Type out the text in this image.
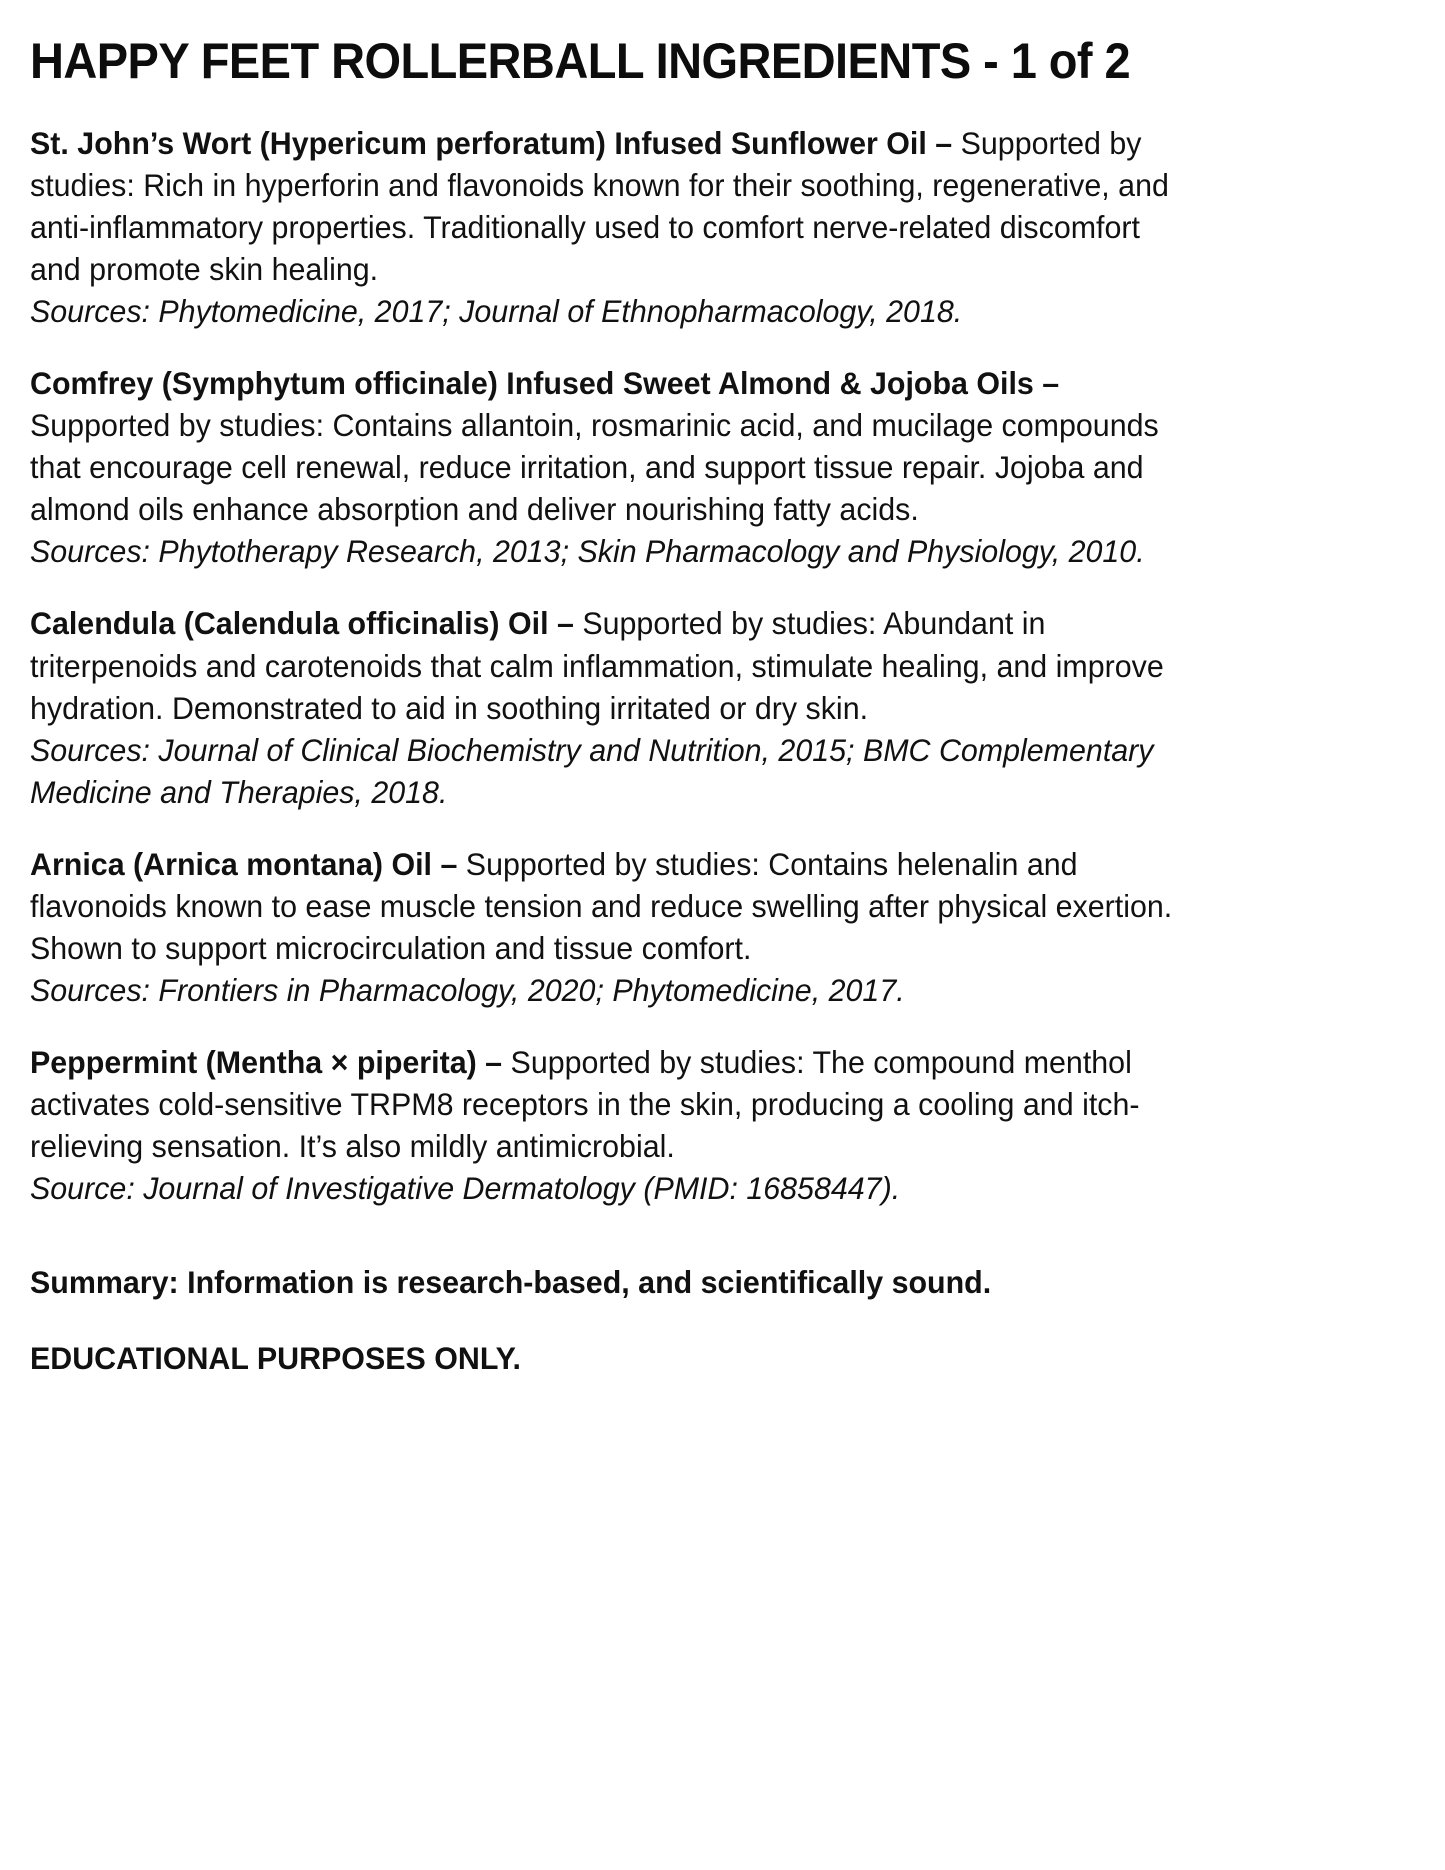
HAPPY FEET ROLLERBALL INGREDIENTS - 1 of 2
St. John’s Wort (Hypericum perforatum) Infused Sunflower Oil – Supported by studies: Rich in hyperforin and flavonoids known for their soothing, regenerative, and anti-inflammatory properties. Traditionally used to comfort nerve-related discomfort and promote skin healing.
Sources: Phytomedicine, 2017; Journal of Ethnopharmacology, 2018.
Comfrey (Symphytum officinale) Infused Sweet Almond & Jojoba Oils – Supported by studies: Contains allantoin, rosmarinic acid, and mucilage compounds that encourage cell renewal, reduce irritation, and support tissue repair. Jojoba and almond oils enhance absorption and deliver nourishing fatty acids.
Sources: Phytotherapy Research, 2013; Skin Pharmacology and Physiology, 2010.
Calendula (Calendula officinalis) Oil – Supported by studies: Abundant in triterpenoids and carotenoids that calm inflammation, stimulate healing, and improve hydration. Demonstrated to aid in soothing irritated or dry skin.
Sources: Journal of Clinical Biochemistry and Nutrition, 2015; BMC Complementary Medicine and Therapies, 2018.
Arnica (Arnica montana) Oil – Supported by studies: Contains helenalin and flavonoids known to ease muscle tension and reduce swelling after physical exertion. Shown to support microcirculation and tissue comfort.
Sources: Frontiers in Pharmacology, 2020; Phytomedicine, 2017.
Peppermint (Mentha × piperita) – Supported by studies: The compound menthol activates cold-sensitive TRPM8 receptors in the skin, producing a cooling and itch-relieving sensation. It’s also mildly antimicrobial.
Source: Journal of Investigative Dermatology (PMID: 16858447).

Summary: Information is research-based, and scientifically sound.

EDUCATIONAL PURPOSES ONLY.
